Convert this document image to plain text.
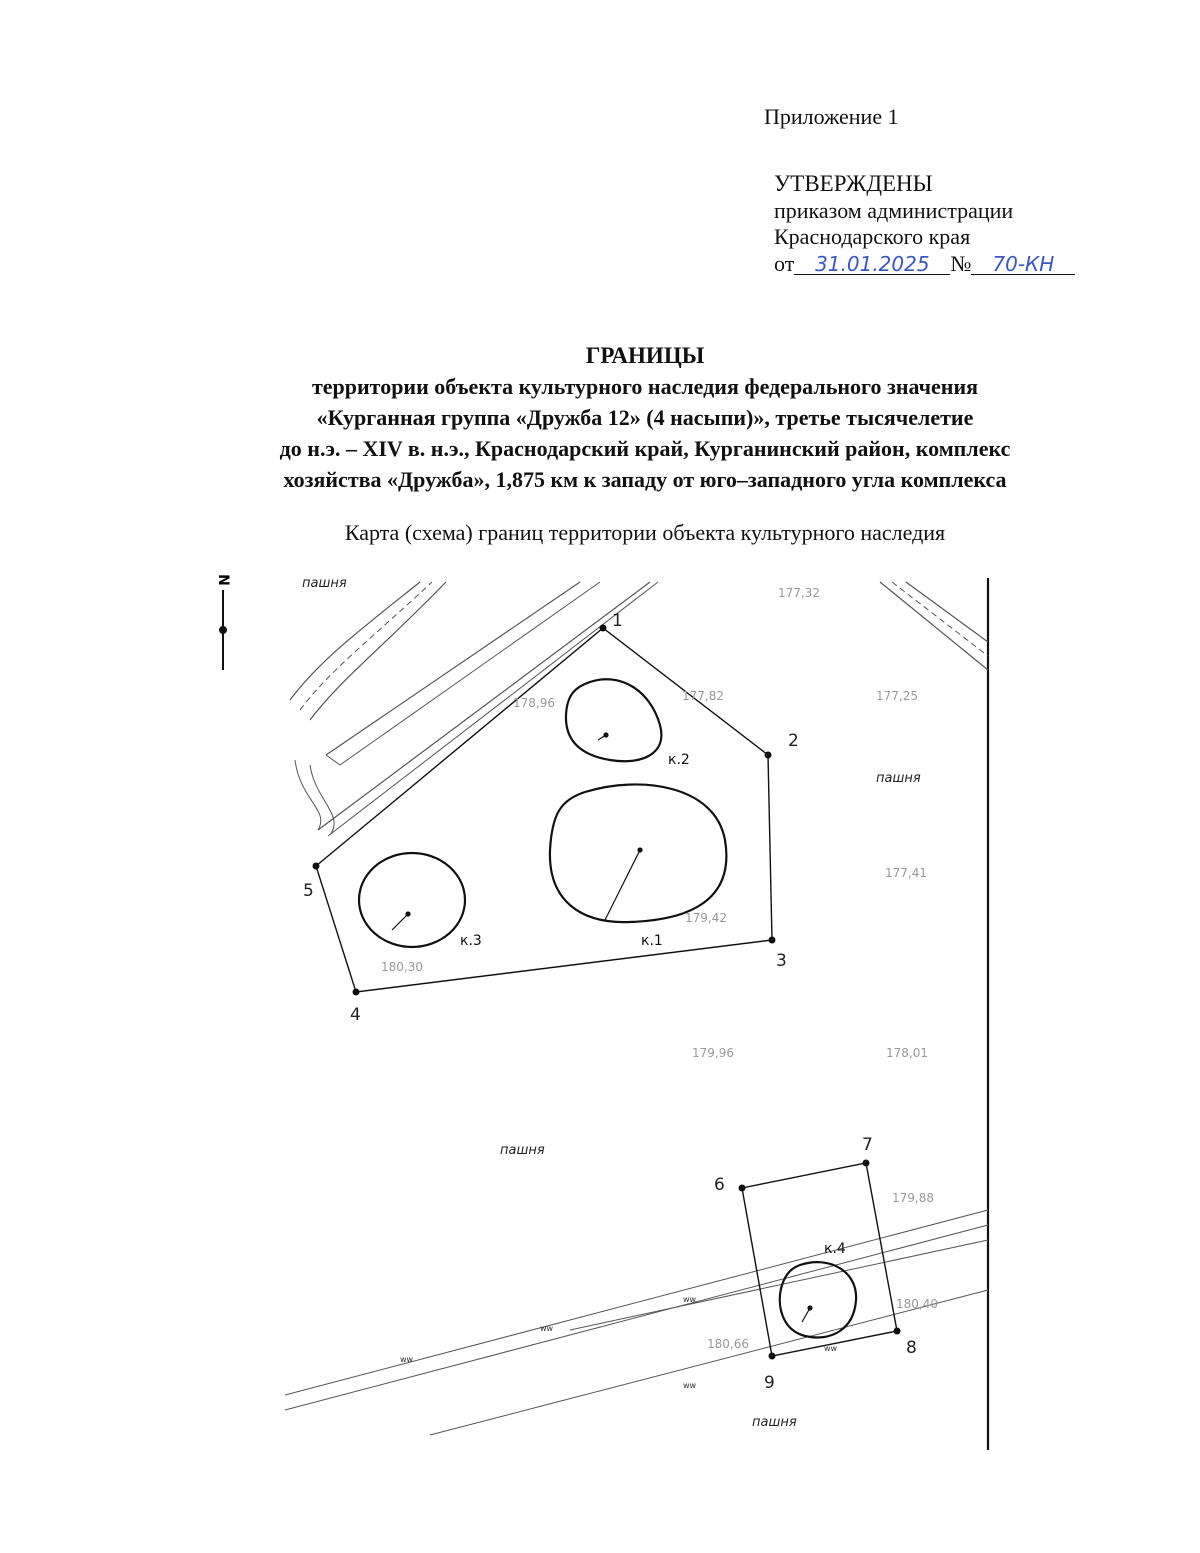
Приложение 1
УТВЕРЖДЕНЫ
приказом администрации
Краснодарского края
от 31.01.2025 № 70-КН
ГРАНИЦЫ
территории объекта культурного наследия федерального значения
«Курганная группа «Дружба 12» (4 насыпи)», третье тысячелетие
до н.э. – XIV в. н.э., Краснодарский край, Курганинский район, комплекс
хозяйства «Дружба», 1,875 км к западу от юго–западного угла комплекса
Карта (схема) границ территории объекта культурного наследия
N
1
2
3
4
5
6
7
8
9
к.2
к.1
к.3
к.4
пашня
пашня
пашня
пашня
177,32
177,82	177,25
178,96
179,42
177,41
180,30
179,96	178,01
180,40
180,66
179,88
ww
ww
ww
ww
ww
